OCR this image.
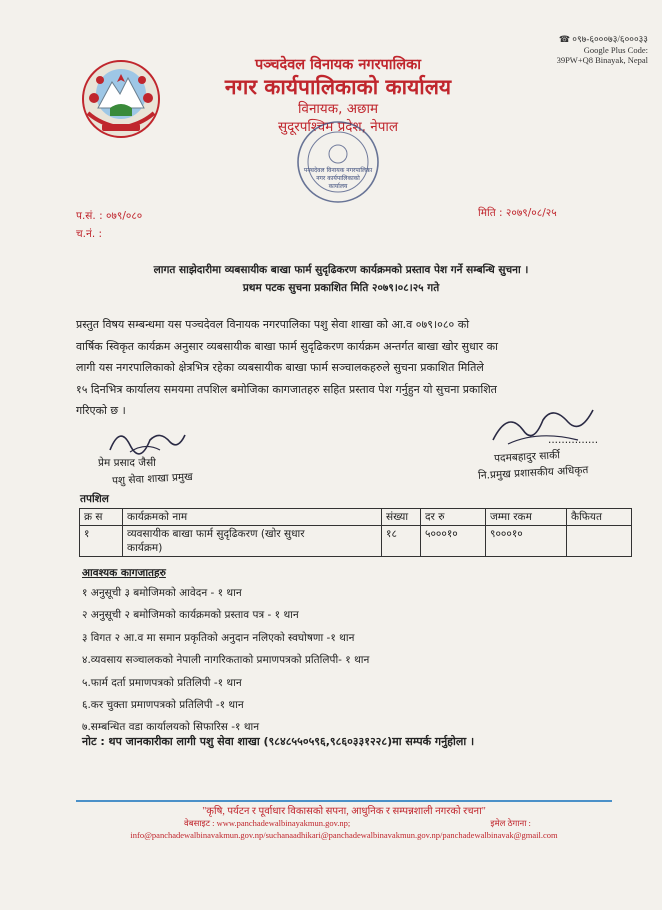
पञ्चदेवल विनायक नगरपालिका
नगर कार्यपालिकाको कार्यालय
विनायक, अछाम
सुदूरपश्चिम प्रदेश, नेपाल
☎ ०९७-६०००७३/६०००३३
Google Plus Code:
39PW+Q8 Binayak, Nepal
पञ्चदेवल विनायक नगरपालिका
नगर कार्यपालिकाको
कार्यालय
प.सं. : ०७९/०८०
च.नं. :
मिति : २०७९/०८/२५
लागत साझेदारीमा व्यबसायीक बाखा फार्म सुदृढिकरण कार्यक्रमको प्रस्ताव पेश गर्ने सम्बन्धि सुचना ।
प्रथम पटक सुचना प्रकाशित मिति २०७९।०८।२५ गते
प्रस्तुत विषय सम्बन्धमा यस पञ्चदेवल विनायक नगरपालिका पशु सेवा शाखा को आ.व ०७९।०८० को
वार्षिक स्विकृत कार्यक्रम अनुसार व्यबसायीक बाखा फार्म सुदृढिकरण कार्यक्रम अन्तर्गत बाखा खोर सुधार का
लागी यस नगरपालिकाको क्षेत्रभित्र रहेका व्यबसायीक बाखा फार्म सञ्चालकहरुले सुचना प्रकाशित मितिले
१५ दिनभित्र कार्यालय समयमा तपशिल बमोजिका कागजातहरु सहित प्रस्ताव पेश गर्नुहुन यो सुचना प्रकाशित
गरिएको छ ।
प्रेम प्रसाद जैसी
पशु सेवा शाखा प्रमुख
...............
पदमबहादुर सार्की
नि.प्रमुख प्रशासकीय अधिकृत
तपशिल
क्र स	कार्यक्रमको नाम	संख्या	दर रु	जम्मा रकम	कैफियत
१	व्यवसायीक बाखा फार्म सुदृढिकरण (खोर सुधार
कार्यक्रम)	१८	५०००१०	९०००१०	
आवश्यक कागजातहरु
१ अनुसूची ३ बमोजिमको आवेदन - १ थान
२ अनुसूची २ बमोजिमको कार्यक्रमको प्रस्ताव पत्र - १ थान
३ विगत २ आ.व मा समान प्रकृतिको अनुदान नलिएको स्वघोषणा -१ थान
४.व्यवसाय सञ्चालकको नेपाली नागरिकताको प्रमाणपत्रको प्रतिलिपी- १ थान
५.फार्म दर्ता प्रमाणपत्रको प्रतिलिपी -१ थान
६.कर चुक्ता प्रमाणपत्रको प्रतिलिपी -१ थान
७.सम्बन्धित वडा कार्यालयको सिफारिस -१ थान
नोट : थप जानकारीका लागी पशु सेवा शाखा (९८४८५५०५९६,९८६०३३१२२८)मा सम्पर्क गर्नुहोला ।
"कृषि, पर्यटन र पूर्वाधार विकासको सपना, आधुनिक र सम्पन्नशाली नगरको रचना"
वेबसाइट : www.panchadewalbinayakmun.gov.np;	इमेल ठेगाना :
info@panchadewalbinavakmun.gov.np/suchanaadhikari@panchadewalbinavakmun.gov.np/panchadewalbinavak@gmail.com
